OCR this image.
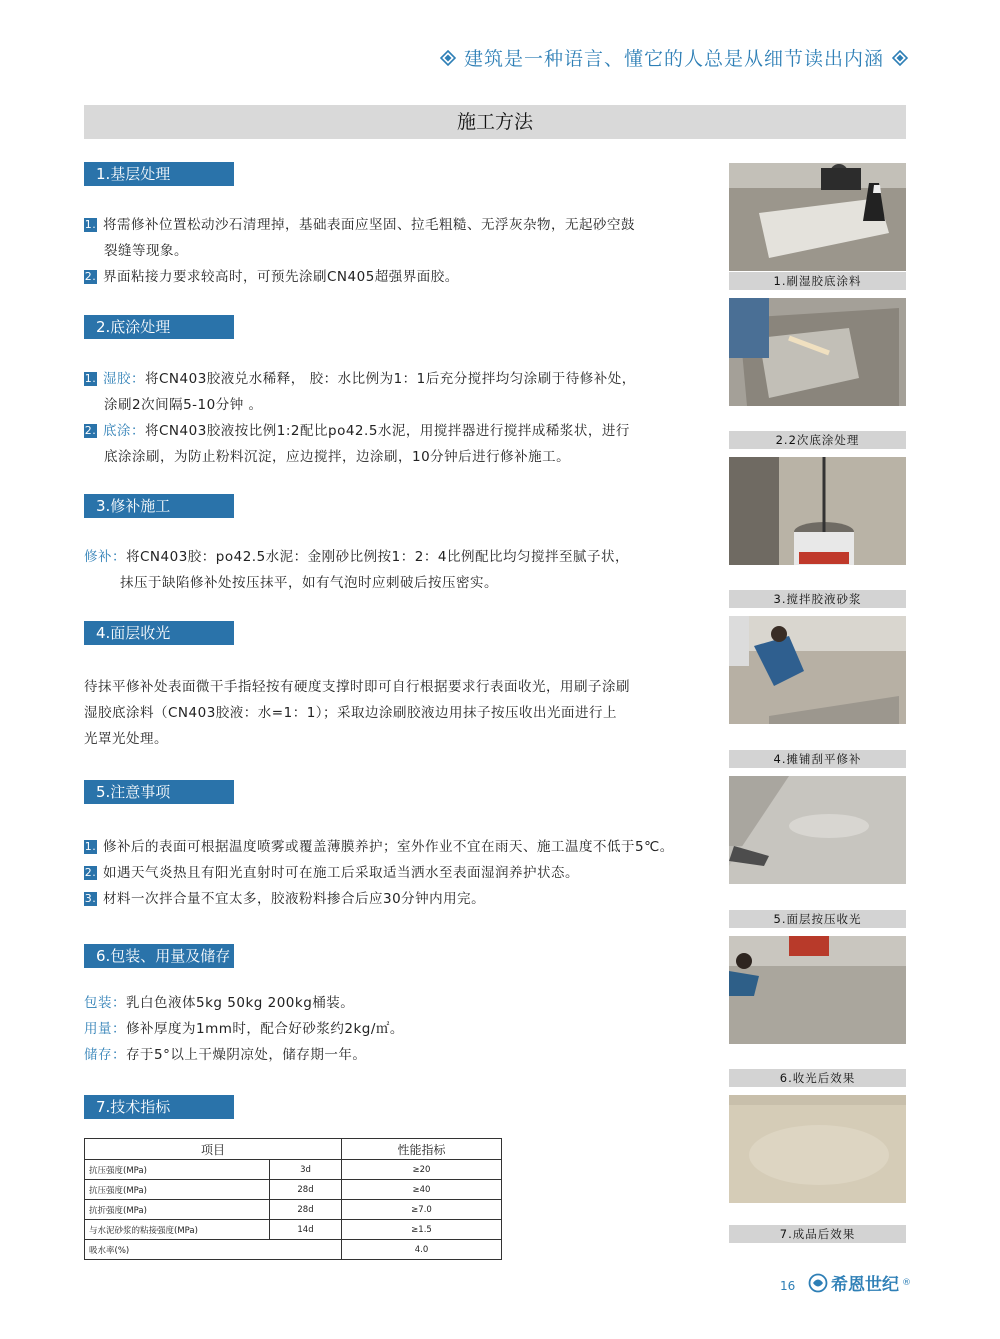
建筑是一种语言、懂它的人总是从细节读出内涵
施工方法
1.基层处理
1. 将需修补位置松动沙石清理掉，基础表面应坚固、拉毛粗糙、无浮灰杂物，无起砂空鼓
裂缝等现象。
2. 界面粘接力要求较高时，可预先涂刷CN405超强界面胶。
2.底涂处理
1. 湿胶：将CN403胶液兑水稀释， 胶：水比例为1：1后充分搅拌均匀涂刷于待修补处，
涂刷2次间隔5-10分钟 。
2. 底涂：将CN403胶液按比例1:2配比po42.5水泥，用搅拌器进行搅拌成稀浆状，进行
底涂涂刷，为防止粉料沉淀，应边搅拌，边涂刷，10分钟后进行修补施工。
3.修补施工
修补：将CN403胶：po42.5水泥：金刚砂比例按1：2：4比例配比均匀搅拌至腻子状，
抹压于缺陷修补处按压抹平，如有气泡时应刺破后按压密实。
4.面层收光
待抹平修补处表面微干手指轻按有硬度支撑时即可自行根据要求行表面收光，用刷子涂刷
湿胶底涂料（CN403胶液：水=1：1）；采取边涂刷胶液边用抹子按压收出光面进行上
光罩光处理。
5.注意事项
1. 修补后的表面可根据温度喷雾或覆盖薄膜养护；室外作业不宜在雨天、施工温度不低于5℃。
2. 如遇天气炎热且有阳光直射时可在施工后采取适当洒水至表面湿润养护状态。
3. 材料一次拌合量不宜太多，胶液粉料掺合后应30分钟内用完。
6.包装、用量及储存
包装：乳白色液体5kg 50kg 200kg桶装。
用量：修补厚度为1mm时，配合好砂浆约2kg/㎡。
储存：存于5°以上干燥阴凉处，储存期一年。
7.技术指标
项目		性能指标
抗压强度(MPa)	3d	≥20
抗压强度(MPa)	28d	≥40
抗折强度(MPa)	28d	≥7.0
与水泥砂浆的粘接强度(MPa)	14d	≥1.5
吸水率(%)		4.0
1.刷湿胶底涂料
2.2次底涂处理
3.搅拌胶液砂浆
4.摊铺刮平修补
5.面层按压收光
6.收光后效果
7.成品后效果
16 希恩世纪 ®
